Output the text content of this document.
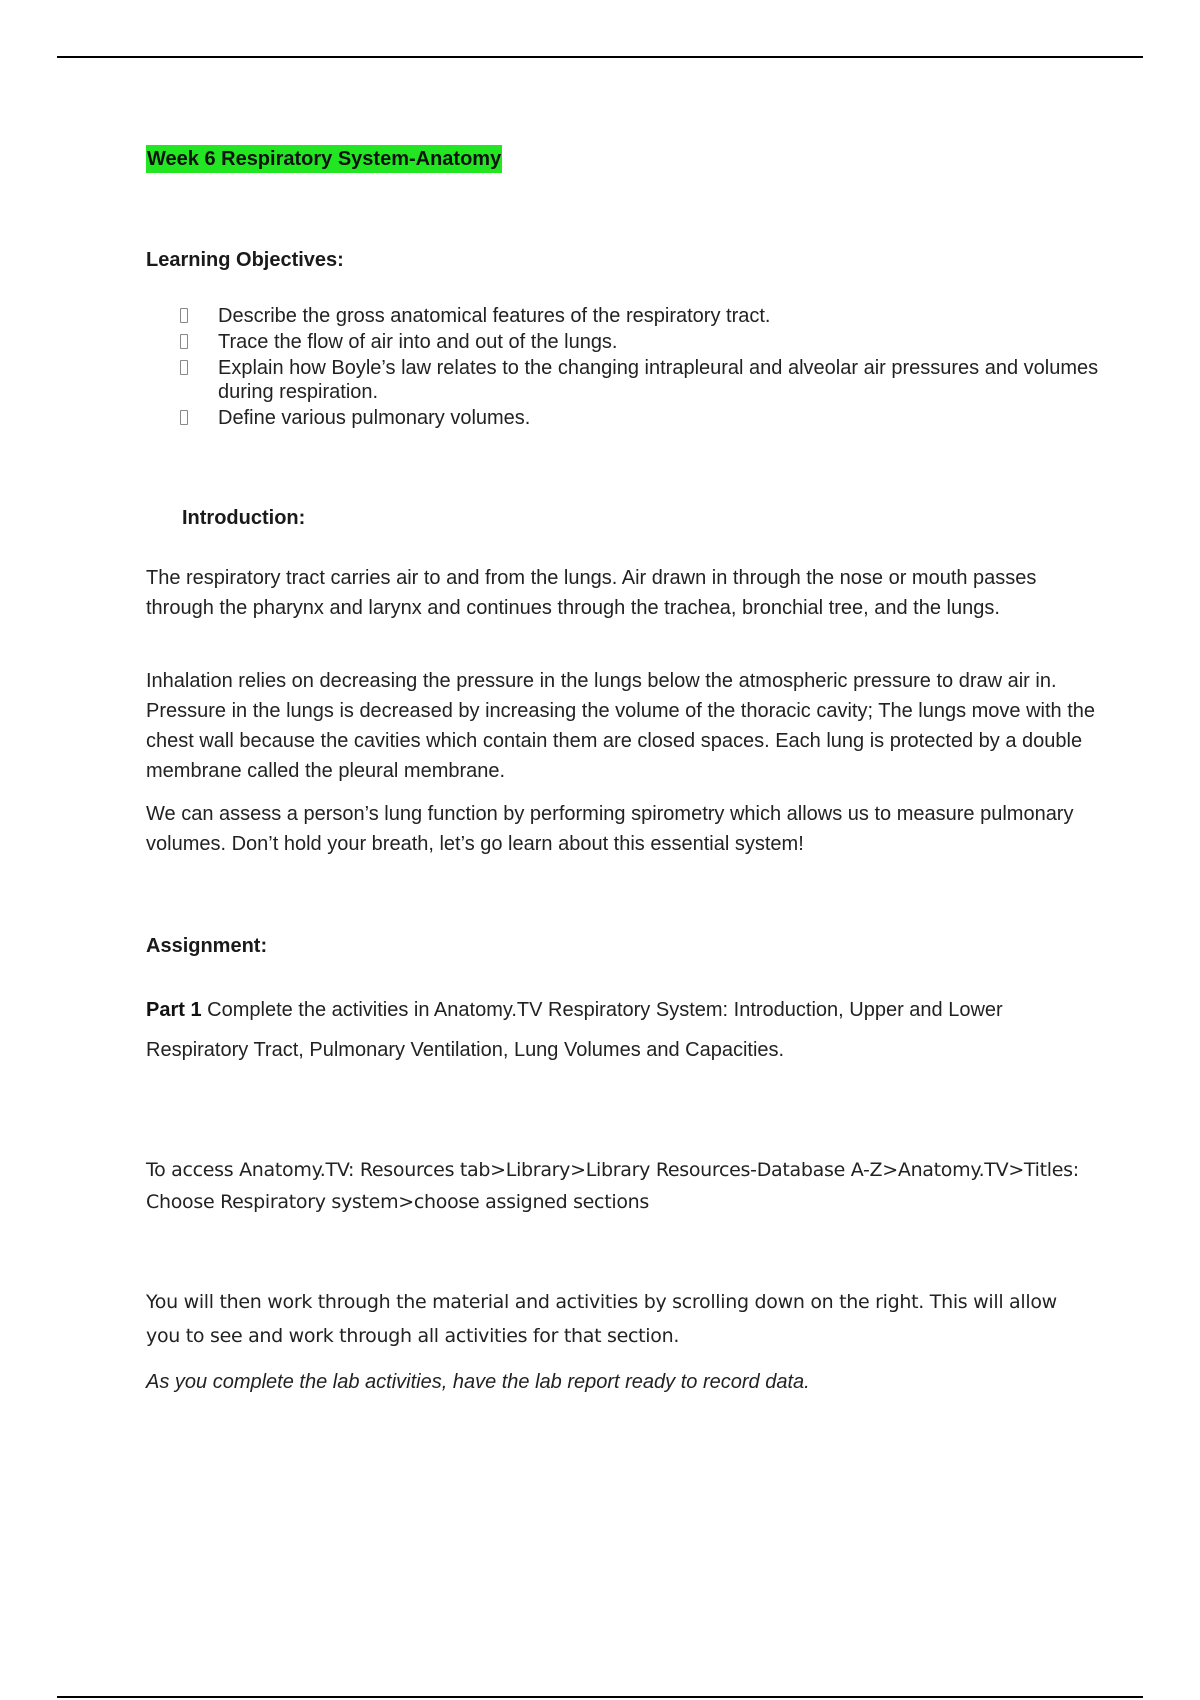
Week 6 Respiratory System-Anatomy
Learning Objectives:
Describe the gross anatomical features of the respiratory tract.
Trace the flow of air into and out of the lungs.
Explain how Boyle’s law relates to the changing intrapleural and alveolar air pressures and volumes during respiration.
Define various pulmonary volumes.
Introduction:

The respiratory tract carries air to and from the lungs. Air drawn in through the nose or mouth passes through the pharynx and larynx and continues through the trachea, bronchial tree, and the lungs.

Inhalation relies on decreasing the pressure in the lungs below the atmospheric pressure to draw air in. Pressure in the lungs is decreased by increasing the volume of the thoracic cavity; The lungs move with the chest wall because the cavities which contain them are closed spaces. Each lung is protected by a double membrane called the pleural membrane.

We can assess a person’s lung function by performing spirometry which allows us to measure pulmonary volumes. Don’t hold your breath, let’s go learn about this essential system!

Assignment:

Part 1 Complete the activities in Anatomy.TV Respiratory System: Introduction, Upper and Lower Respiratory Tract, Pulmonary Ventilation, Lung Volumes and Capacities.

To access Anatomy.TV: Resources tab>Library>Library Resources-Database A-Z>Anatomy.TV>Titles: Choose Respiratory system>choose assigned sections

You will then work through the material and activities by scrolling down on the right. This will allow you to see and work through all activities for that section.

As you complete the lab activities, have the lab report ready to record data.
